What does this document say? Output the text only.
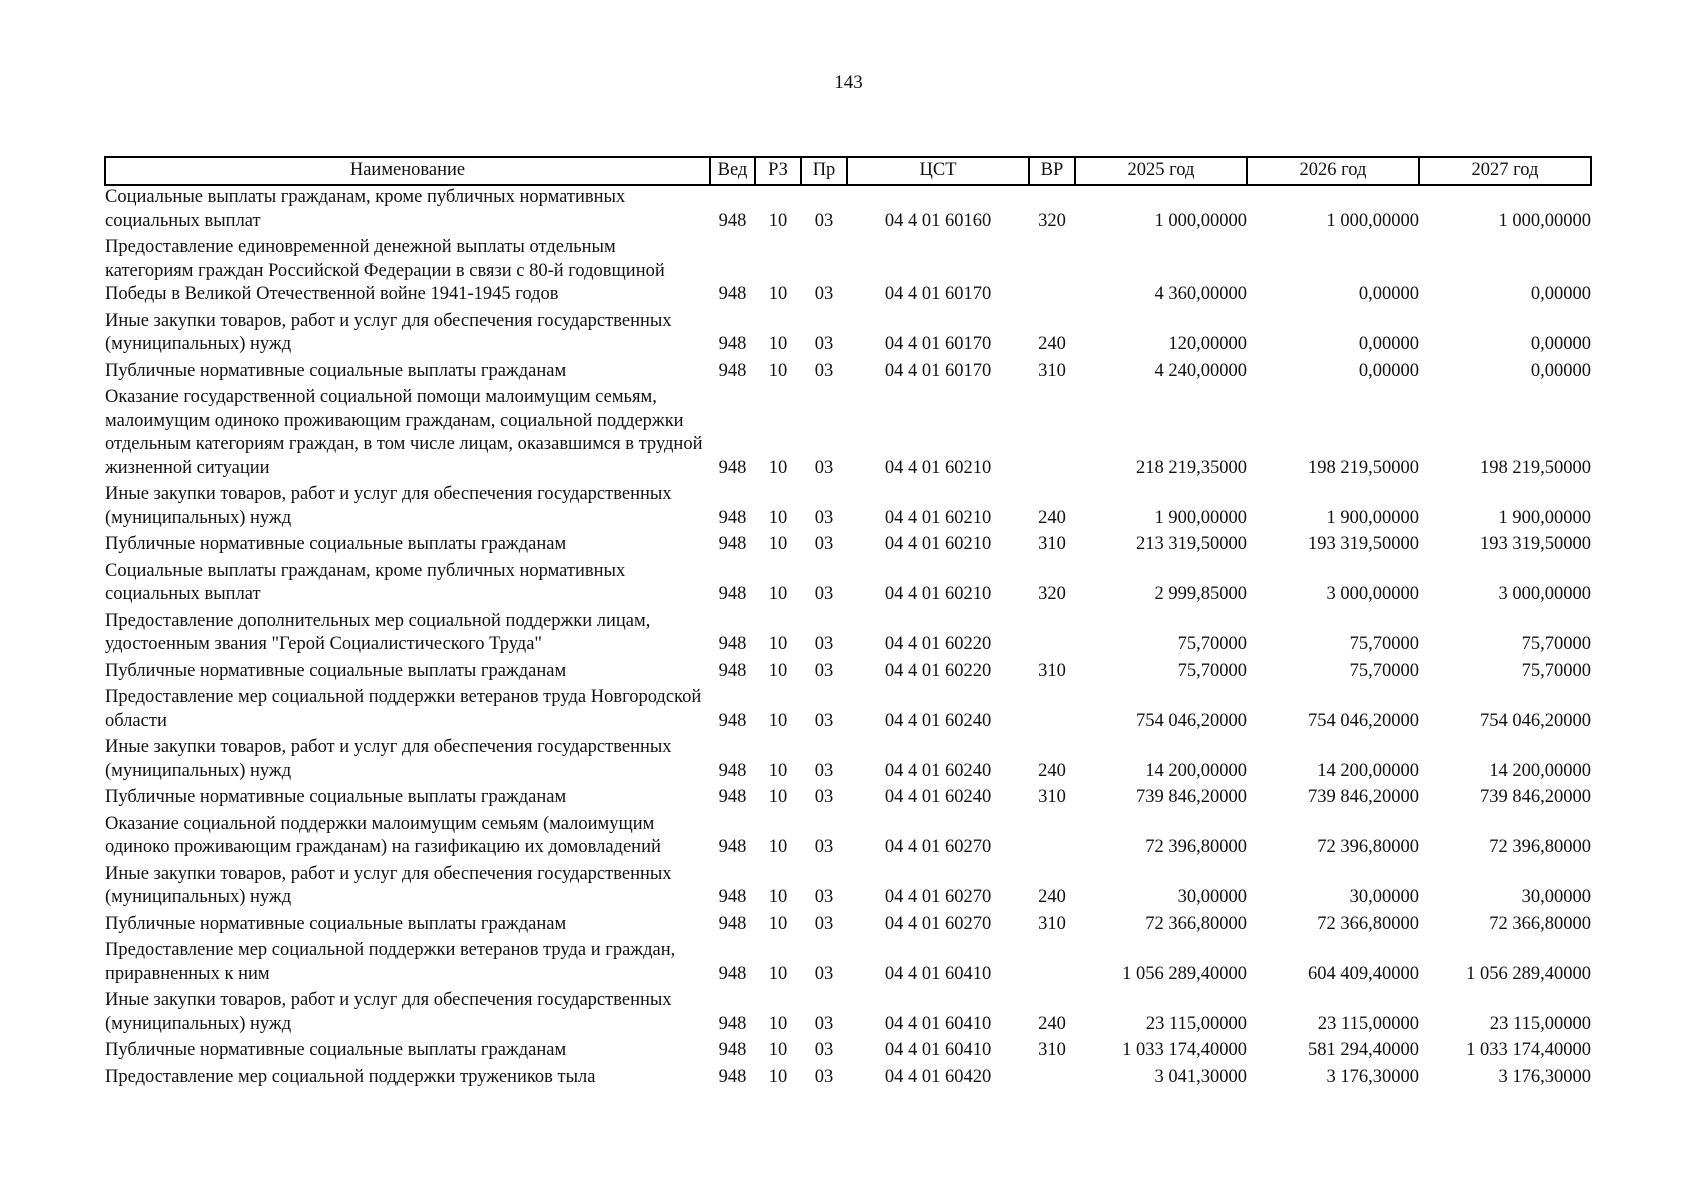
143
Наименование	Вед	РЗ	Пр	ЦСТ	ВР	2025 год	2026 год	2027 год
Социальные выплаты гражданам, кроме публичных нормативных социальных выплат	948	10	03	04 4 01 60160	320	1 000,00000	1 000,00000	1 000,00000
Предоставление единовременной денежной выплаты отдельным категориям граждан Российской Федерации в связи с 80-й годовщиной Победы в Великой Отечественной войне 1941-1945 годов	948	10	03	04 4 01 60170		4 360,00000	0,00000	0,00000
Иные закупки товаров, работ и услуг для обеспечения государственных (муниципальных) нужд	948	10	03	04 4 01 60170	240	120,00000	0,00000	0,00000
Публичные нормативные социальные выплаты гражданам	948	10	03	04 4 01 60170	310	4 240,00000	0,00000	0,00000
Оказание государственной социальной помощи малоимущим семьям, малоимущим одиноко проживающим гражданам, социальной поддержки отдельным категориям граждан, в том числе лицам, оказавшимся в трудной жизненной ситуации	948	10	03	04 4 01 60210		218 219,35000	198 219,50000	198 219,50000
Иные закупки товаров, работ и услуг для обеспечения государственных (муниципальных) нужд	948	10	03	04 4 01 60210	240	1 900,00000	1 900,00000	1 900,00000
Публичные нормативные социальные выплаты гражданам	948	10	03	04 4 01 60210	310	213 319,50000	193 319,50000	193 319,50000
Социальные выплаты гражданам, кроме публичных нормативных социальных выплат	948	10	03	04 4 01 60210	320	2 999,85000	3 000,00000	3 000,00000
Предоставление дополнительных мер социальной поддержки лицам, удостоенным звания "Герой Социалистического Труда"	948	10	03	04 4 01 60220		75,70000	75,70000	75,70000
Публичные нормативные социальные выплаты гражданам	948	10	03	04 4 01 60220	310	75,70000	75,70000	75,70000
Предоставление мер социальной поддержки ветеранов труда Новгородской области	948	10	03	04 4 01 60240		754 046,20000	754 046,20000	754 046,20000
Иные закупки товаров, работ и услуг для обеспечения государственных (муниципальных) нужд	948	10	03	04 4 01 60240	240	14 200,00000	14 200,00000	14 200,00000
Публичные нормативные социальные выплаты гражданам	948	10	03	04 4 01 60240	310	739 846,20000	739 846,20000	739 846,20000
Оказание социальной поддержки малоимущим семьям (малоимущим одиноко проживающим гражданам) на газификацию их домовладений	948	10	03	04 4 01 60270		72 396,80000	72 396,80000	72 396,80000
Иные закупки товаров, работ и услуг для обеспечения государственных (муниципальных) нужд	948	10	03	04 4 01 60270	240	30,00000	30,00000	30,00000
Публичные нормативные социальные выплаты гражданам	948	10	03	04 4 01 60270	310	72 366,80000	72 366,80000	72 366,80000
Предоставление мер социальной поддержки ветеранов труда и граждан, приравненных к ним	948	10	03	04 4 01 60410		1 056 289,40000	604 409,40000	1 056 289,40000
Иные закупки товаров, работ и услуг для обеспечения государственных (муниципальных) нужд	948	10	03	04 4 01 60410	240	23 115,00000	23 115,00000	23 115,00000
Публичные нормативные социальные выплаты гражданам	948	10	03	04 4 01 60410	310	1 033 174,40000	581 294,40000	1 033 174,40000
Предоставление мер социальной поддержки тружеников тыла	948	10	03	04 4 01 60420		3 041,30000	3 176,30000	3 176,30000
